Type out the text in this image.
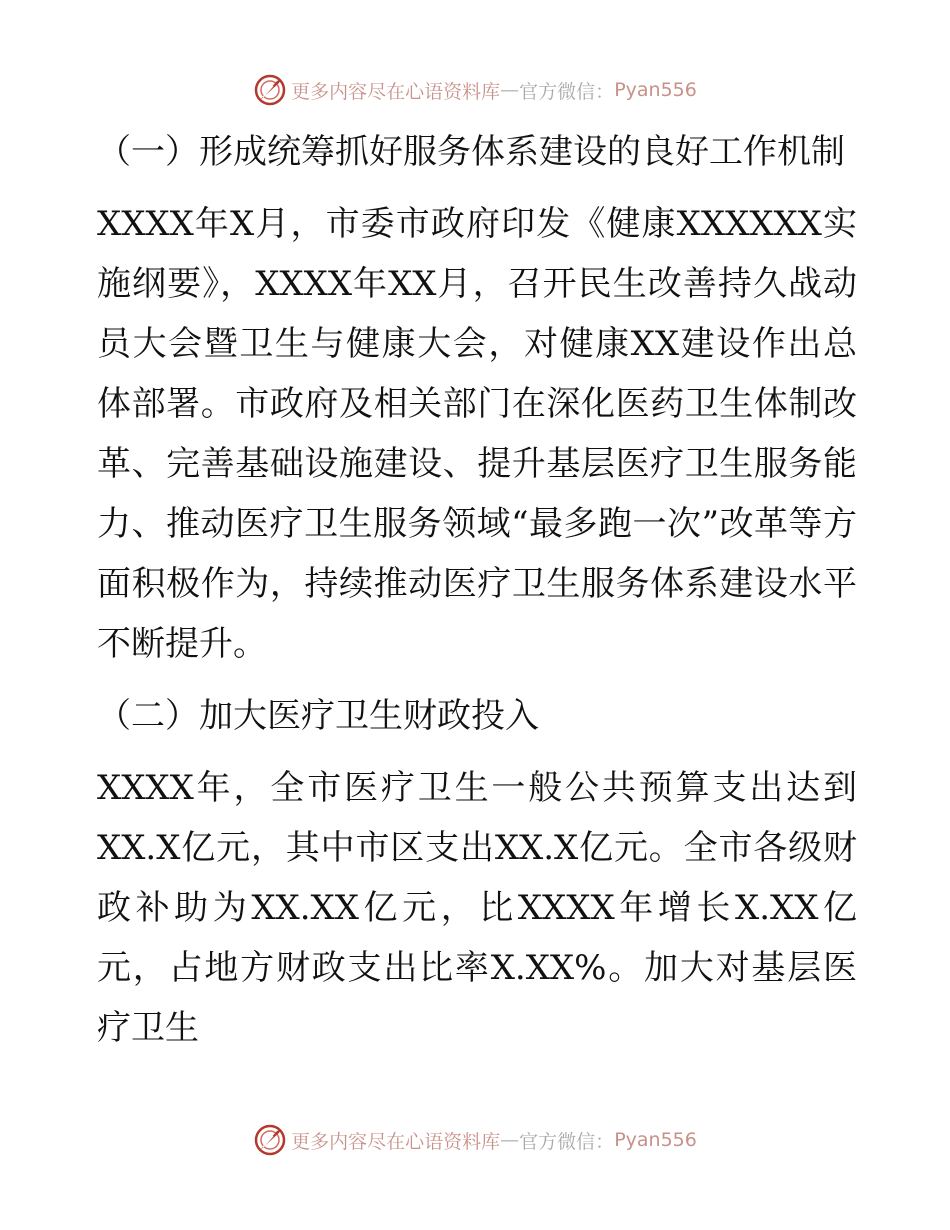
更多内容尽在心语资料库 — 官方微信： Pyan556

（一）形成统筹抓好服务体系建设的良好工作机制

XXXX年X月，市委市政府印发《健康XXXXXX实施纲要》，XXXX年XX月，召开民生改善持久战动员大会暨卫生与健康大会，对健康XX建设作出总体部署。市政府及相关部门在深化医药卫生体制改革、完善基础设施建设、提升基层医疗卫生服务能力、推动医疗卫生服务领域“最多跑一次”改革等方面积极作为，持续推动医疗卫生服务体系建设水平不断提升。

（二）加大医疗卫生财政投入

XXXX年，全市医疗卫生一般公共预算支出达到XX.X亿元，其中市区支出XX.X亿元。全市各级财政补助为XX.XX亿元，比XXXX年增长X.XX亿元，占地方财政支出比率X.XX%。加大对基层医疗卫生

更多内容尽在心语资料库 — 官方微信： Pyan556
